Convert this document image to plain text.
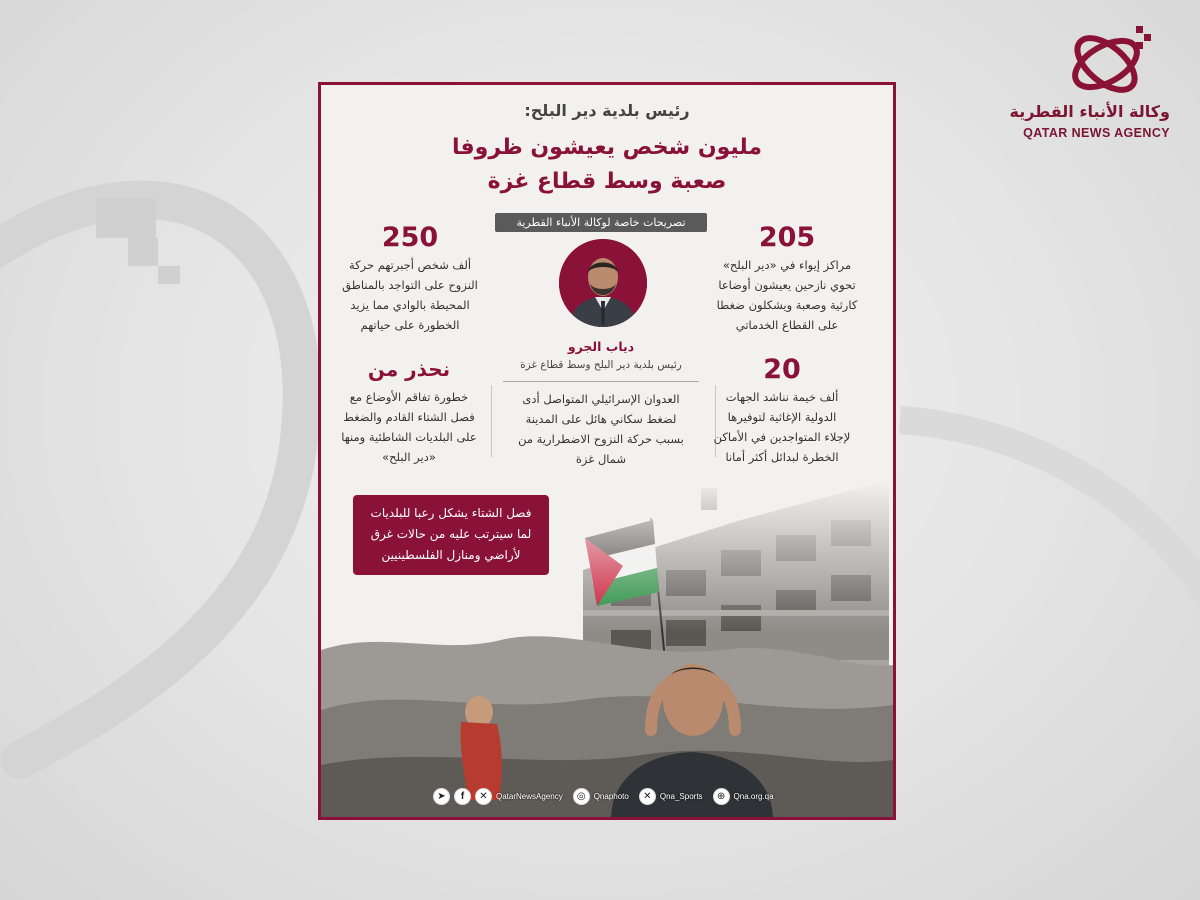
وكالة الأنباء القطرية
QATAR NEWS AGENCY
رئيس بلدية دير البلح:
مليون شخص يعيشون ظروفا
صعبة وسط قطاع غزة
تصريحات خاصة لوكالة الأنباء القطرية	205
مراكز إيواء في «دير البلح»
تحوي نازحين يعيشون أوضاعا
كارثية وصعبة ويشكلون ضغطا
على القطاع الخدماتي
250
ألف شخص أجبرتهم حركة
النزوح على التواجد بالمناطق
المحيطة بالوادي مما يزيد
الخطورة على حياتهم
دياب الجرو
رئيس بلدية دير البلح وسط قطاع غزة	20
ألف خيمة نناشد الجهات
الدولية الإغاثية لتوفيرها
لإجلاء المتواجدين في الأماكن
الخطرة لبدائل أكثر أمانا
العدوان الإسرائيلي المتواصل أدى
لضغط سكاني هائل على المدينة
بسبب حركة النزوح الاضطرارية من
شمال غزة
نحذر من
خطورة تفاقم الأوضاع مع
فصل الشتاء القادم والضغط
على البلديات الشاطئية ومنها
«دير البلح»
فصل الشتاء يشكل رعبا للبلديات
لما سيترتب عليه من حالات غرق
لأراضي ومنازل الفلسطينيين
➤	f	✕	QatarNewsAgency	◎	Qnaphoto	✕	Qna_Sports	⊕	Qna.org.qa
